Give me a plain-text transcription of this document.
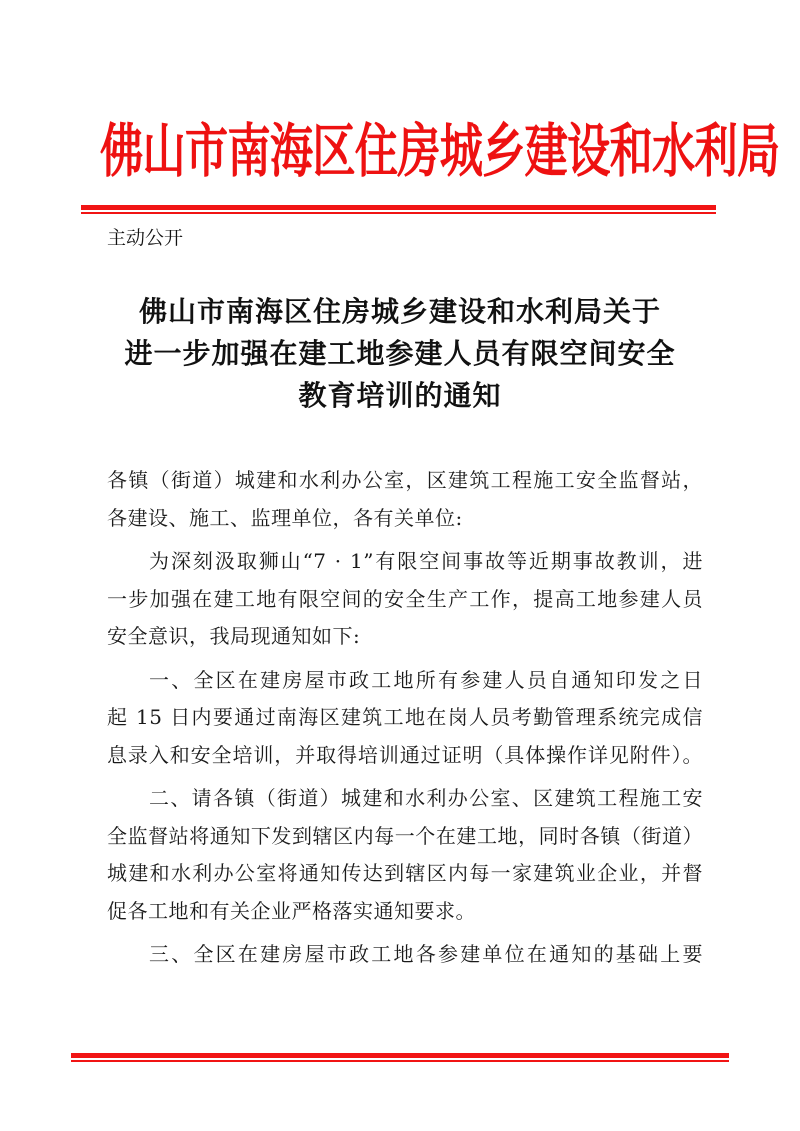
佛山市南海区住房城乡建设和水利局
主动公开
佛山市南海区住房城乡建设和水利局关于
进一步加强在建工地参建人员有限空间安全
教育培训的通知
各镇（街道）城建和水利办公室，区建筑工程施工安全监督站，
各建设、施工、监理单位，各有关单位:
为深刻汲取狮山“7 · 1”有限空间事故等近期事故教训，进
一步加强在建工地有限空间的安全生产工作，提高工地参建人员
安全意识，我局现通知如下:
一、全区在建房屋市政工地所有参建人员自通知印发之日
起 15 日内要通过南海区建筑工地在岗人员考勤管理系统完成信
息录入和安全培训，并取得培训通过证明（具体操作详见附件）。
二、请各镇（街道）城建和水利办公室、区建筑工程施工安
全监督站将通知下发到辖区内每一个在建工地，同时各镇（街道）
城建和水利办公室将通知传达到辖区内每一家建筑业企业，并督
促各工地和有关企业严格落实通知要求。
三、全区在建房屋市政工地各参建单位在通知的基础上要
